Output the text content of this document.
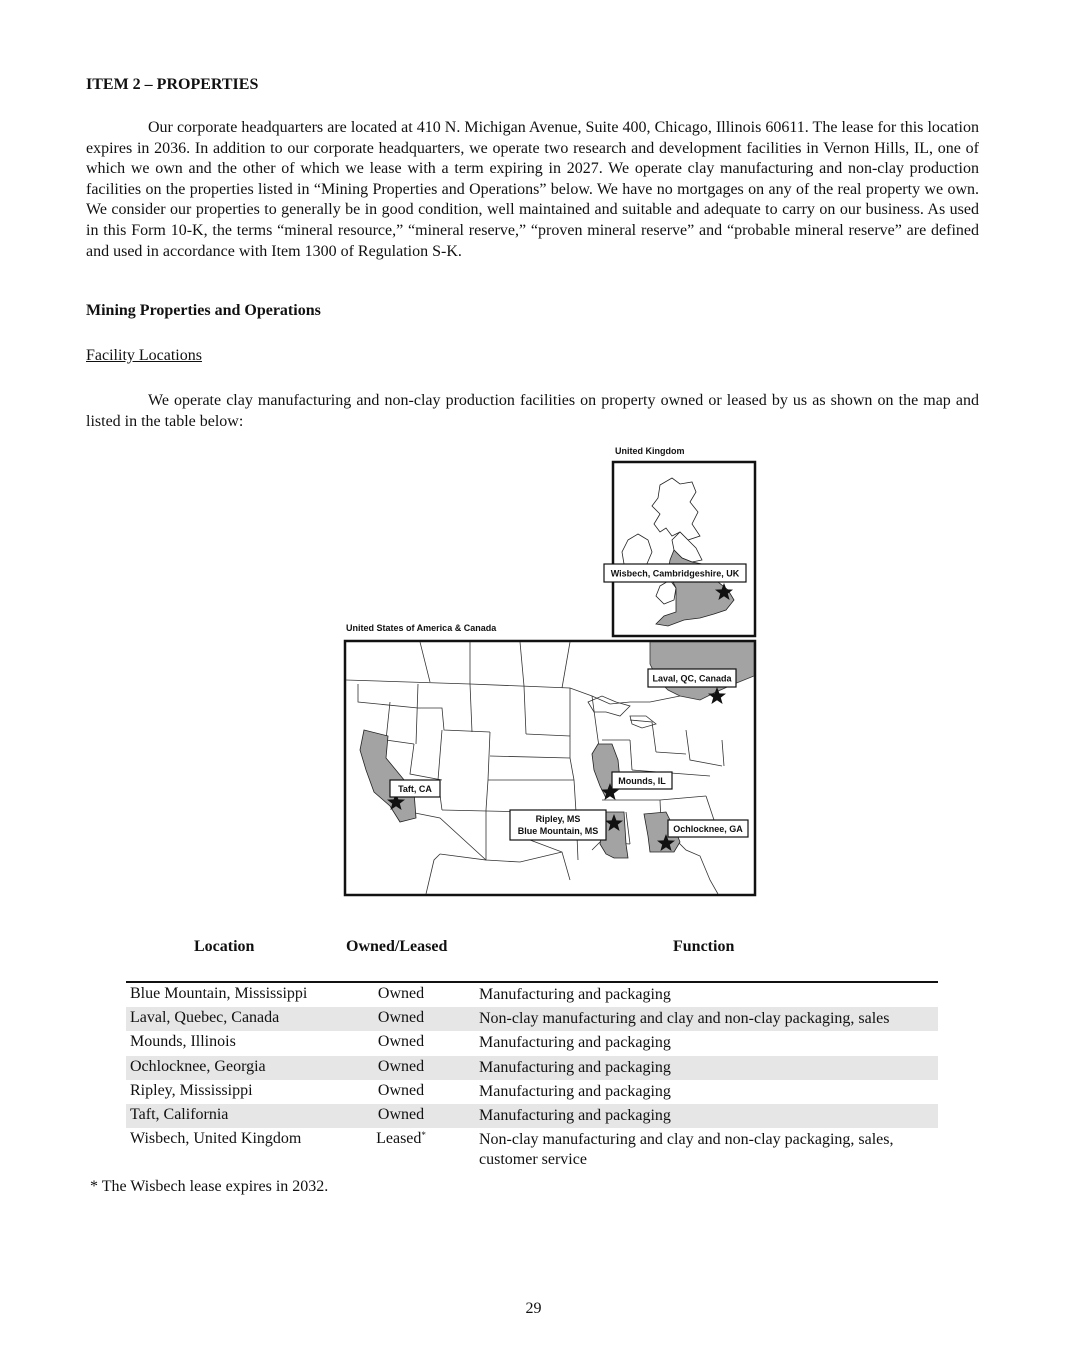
ITEM 2 – PROPERTIES

Our corporate headquarters are located at 410 N. Michigan Avenue, Suite 400, Chicago, Illinois 60611. The lease for this location expires in 2036. In addition to our corporate headquarters, we operate two research and development facilities in Vernon Hills, IL, one of which we own and the other of which we lease with a term expiring in 2027. We operate clay manufacturing and non-clay production facilities on the properties listed in “Mining Properties and Operations” below. We have no mortgages on any of the real property we own. We consider our properties to generally be in good condition, well maintained and suitable and adequate to carry on our business. As used in this Form 10-K, the terms “mineral resource,” “mineral reserve,” “proven mineral reserve” and “probable mineral reserve” are defined and used in accordance with Item 1300 of Regulation S-K.

Mining Properties and Operations
Facility Locations

We operate clay manufacturing and non-clay production facilities on property owned or leased by us as shown on the map and listed in the table below:

United Kingdom
Wisbech, Cambridgeshire, UK
United States of America & Canada
Laval, QC, Canada
Taft, CA
Mounds, IL
Ripley, MS
Blue Mountain, MS	Ochlocknee, GA
Location	Owned/Leased	Function
Blue Mountain, Mississippi	Owned	Manufacturing and packaging
Laval, Quebec, Canada	Owned	Non-clay manufacturing and clay and non-clay packaging, sales
Mounds, Illinois	Owned	Manufacturing and packaging
Ochlocknee, Georgia	Owned	Manufacturing and packaging
Ripley, Mississippi	Owned	Manufacturing and packaging
Taft, California	Owned	Manufacturing and packaging
Wisbech, United Kingdom	Leased*	Non-clay manufacturing and clay and non-clay packaging, sales, customer service
* The Wisbech lease expires in 2032.
29
